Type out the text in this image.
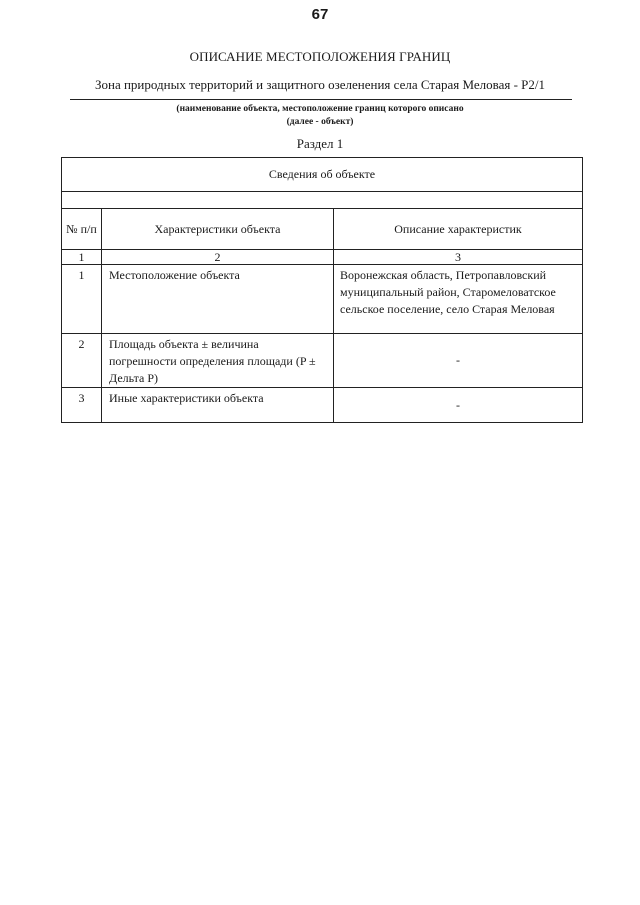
67
ОПИСАНИЕ МЕСТОПОЛОЖЕНИЯ ГРАНИЦ
Зона природных территорий и защитного озеленения села Старая Меловая - Р2/1
(наименование объекта, местоположение границ которого описано
(далее - объект)
Раздел 1
Сведения об объекте		

№ п/п	Характеристики объекта	Описание характеристик
1	2	3
1	Местоположение объекта	Воронежская область, Петропавловский муниципальный район, Старомеловатское сельское поселение, село Старая Меловая
2	Площадь объекта ± величина погрешности определения площади (P ± Дельта P)	-
3	Иные характеристики объекта	-
